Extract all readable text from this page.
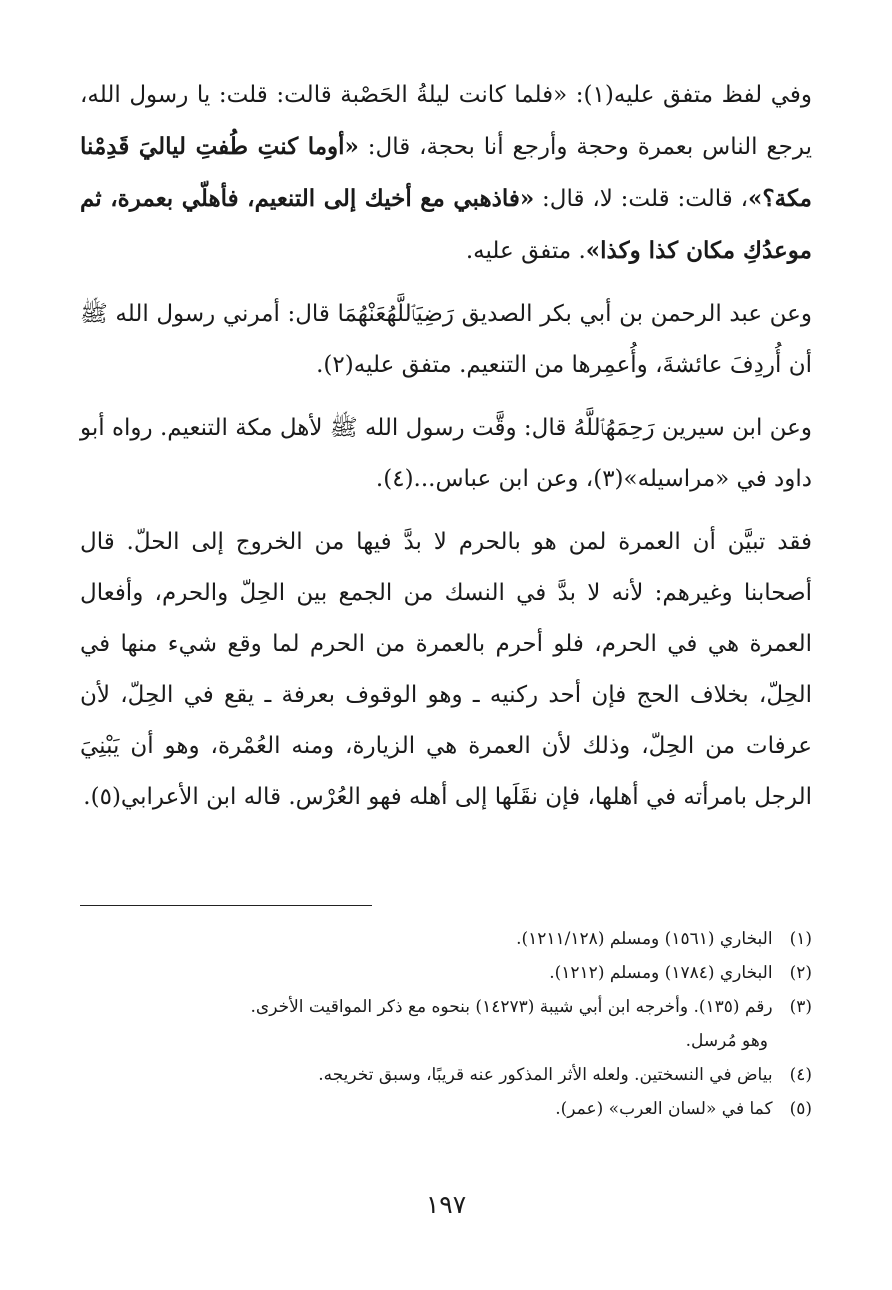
وفي لفظ متفق عليه(١): «فلما كانت ليلةُ الحَصْبة قالت: قلت: يا رسول الله، يرجع الناس بعمرة وحجة وأرجع أنا بحجة، قال: «أوما كنتِ طُفتِ لياليَ قَدِمْنا مكة؟»، قالت: قلت: لا، قال: «فاذهبي مع أخيك إلى التنعيم، فأهلّي بعمرة، ثم موعدُكِ مكان كذا وكذا». متفق عليه.

وعن عبد الرحمن بن أبي بكر الصديق رَضِيَٱللَّهُعَنْهُمَا قال: أمرني رسول الله ﷺ أن أُردِفَ عائشةَ، وأُعمِرها من التنعيم. متفق عليه(٢).

وعن ابن سيرين رَحِمَهُٱللَّهُ قال: وقَّت رسول الله ﷺ لأهل مكة التنعيم. رواه أبو داود في «مراسيله»(٣)، وعن ابن عباس...(٤).

فقد تبيَّن أن العمرة لمن هو بالحرم لا بدَّ فيها من الخروج إلى الحلّ. قال أصحابنا وغيرهم: لأنه لا بدَّ في النسك من الجمع بين الحِلّ والحرم، وأفعال العمرة هي في الحرم، فلو أحرم بالعمرة من الحرم لما وقع شيء منها في الحِلّ، بخلاف الحج فإن أحد ركنيه ـ وهو الوقوف بعرفة ـ يقع في الحِلّ، لأن عرفات من الحِلّ، وذلك لأن العمرة هي الزيارة، ومنه العُمْرة، وهو أن يَبْنِيَ الرجل بامرأته في أهلها، فإن نقَلَها إلى أهله فهو العُرْس. قاله ابن الأعرابي(٥).

(١) البخاري (١٥٦١) ومسلم (١٢١١/١٢٨).
(٢) البخاري (١٧٨٤) ومسلم (١٢١٢).
(٣) رقم (١٣٥). وأخرجه ابن أبي شيبة (١٤٢٧٣) بنحوه مع ذكر المواقيت الأخرى.
وهو مُرسل.
(٤) بياض في النسختين. ولعله الأثر المذكور عنه قريبًا، وسبق تخريجه.
(٥) كما في «لسان العرب» (عمر).
١٩٧
